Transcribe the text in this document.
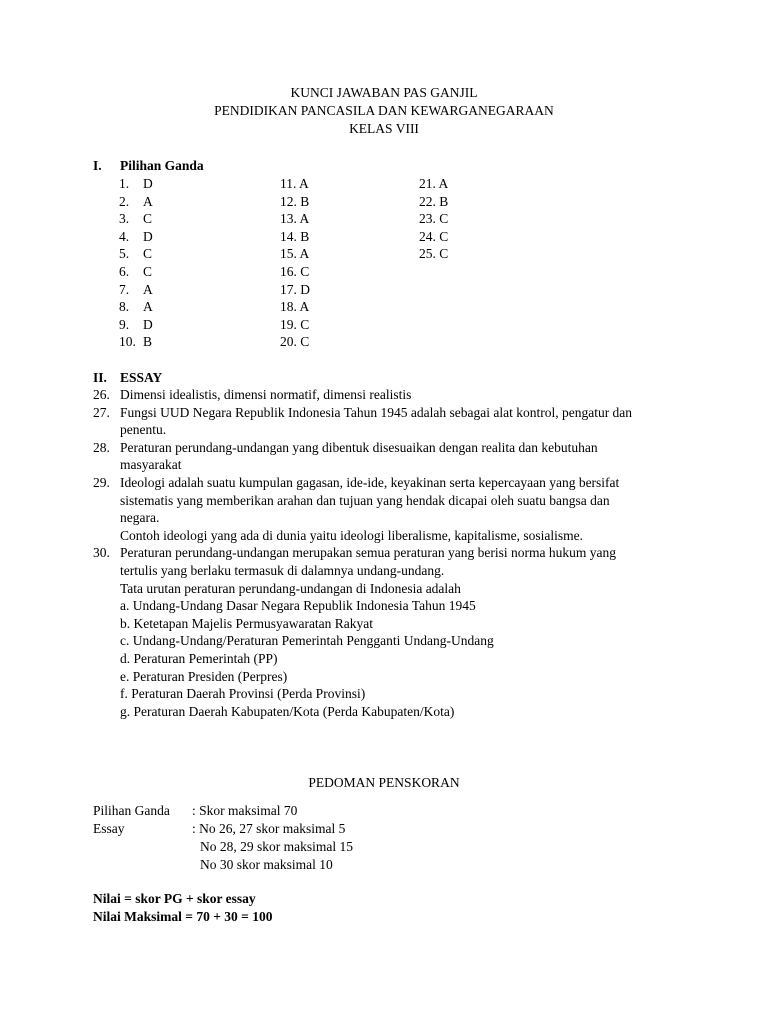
KUNCI JAWABAN PAS GANJIL
PENDIDIKAN PANCASILA DAN KEWARGANEGARAAN
KELAS VIII
I. Pilihan Ganda
1. D
2. A
3. C
4. D
5. C
6. C
7. A
8. A
9. D
10. B
11. A
12. B
13. A
14. B
15. A
16. C
17. D
18. A
19. C
20. C
21. A
22. B
23. C
24. C
25. C
II. ESSAY
26. Dimensi idealistis, dimensi normatif, dimensi realistis
27. Fungsi UUD Negara Republik Indonesia Tahun 1945 adalah sebagai alat kontrol, pengatur dan
penentu.
28. Peraturan perundang-undangan yang dibentuk disesuaikan dengan realita dan kebutuhan
masyarakat
29. Ideologi adalah suatu kumpulan gagasan, ide-ide, keyakinan serta kepercayaan yang bersifat
sistematis yang memberikan arahan dan tujuan yang hendak dicapai oleh suatu bangsa dan
negara.
Contoh ideologi yang ada di dunia yaitu ideologi liberalisme, kapitalisme, sosialisme.
30. Peraturan perundang-undangan merupakan semua peraturan yang berisi norma hukum yang
tertulis yang berlaku termasuk di dalamnya undang-undang.
Tata urutan peraturan perundang-undangan di Indonesia adalah
a. Undang-Undang Dasar Negara Republik Indonesia Tahun 1945
b. Ketetapan Majelis Permusyawaratan Rakyat
c. Undang-Undang/Peraturan Pemerintah Pengganti Undang-Undang
d. Peraturan Pemerintah (PP)
e. Peraturan Presiden (Perpres)
f. Peraturan Daerah Provinsi (Perda Provinsi)
g. Peraturan Daerah Kabupaten/Kota (Perda Kabupaten/Kota)
PEDOMAN PENSKORAN
Pilihan Ganda : Skor maksimal 70
Essay	: No 26, 27 skor maksimal 5
No 28, 29 skor maksimal 15
No 30 skor maksimal 10
Nilai = skor PG + skor essay
Nilai Maksimal = 70 + 30 = 100
